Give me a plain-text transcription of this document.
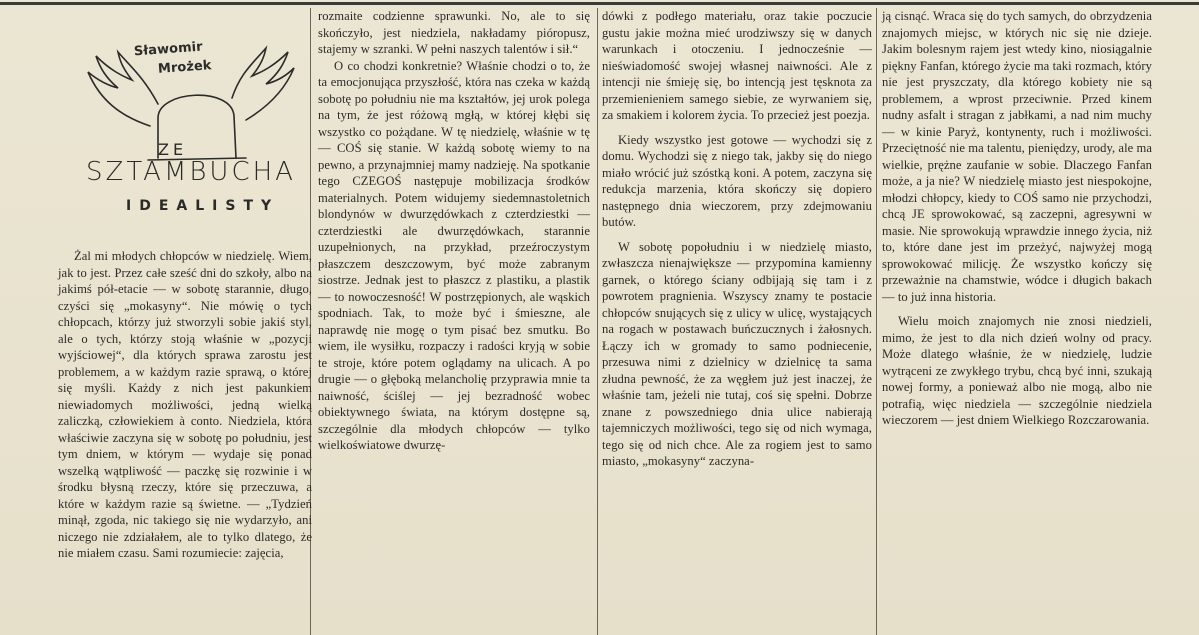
Sławomir
Mrożek
ZE
SZTAMBUCHA
IDEALISTY

Żal mi młodych chłopców w niedzielę. Wiem, jak to jest. Przez całe sześć dni do szkoły, albo na jakimś pół-etacie — w sobotę starannie, długo, czyści się „mokasyny“. Nie mówię o tych chłopcach, którzy już stworzyli sobie jakiś styl, ale o tych, którzy stoją właśnie w „pozycji wyjściowej“, dla których sprawa zarostu jest problemem, a w każdym razie sprawą, o której się myśli. Każdy z nich jest pakunkiem niewiadomych możliwości, jedną wielką zaliczką, człowiekiem à conto. Niedziela, która właściwie zaczyna się w sobotę po południu, jest tym dniem, w którym — wydaje się ponad wszelką wątpliwość — paczkę się rozwinie i w środku błysną rzeczy, które się przeczuwa, a które w każdym razie są świetne. — „Tydzień minął, zgoda, nic takiego się nie wydarzyło, ani niczego nie zdziałałem, ale to tylko dlatego, że nie miałem czasu. Sami rozumiecie: zajęcia,

rozmaite codzienne sprawunki. No, ale to się skończyło, jest niedziela, nakładamy pióropusz, stajemy w szranki. W pełni naszych talentów i sił.“

O co chodzi konkretnie? Właśnie chodzi o to, że ta emocjonująca przyszłość, która nas czeka w każdą sobotę po południu nie ma kształtów, jej urok polega na tym, że jest różową mgłą, w której kłębi się wszystko co pożądane. W tę niedzielę, właśnie w tę — COŚ się stanie. W każdą sobotę wiemy to na pewno, a przynajmniej mamy nadzieję. Na spotkanie tego CZEGOŚ następuje mobilizacja środków materialnych. Potem widujemy siedemnastoletnich blondynów w dwurzędówkach z czterdziestki — czterdziestki ale dwurzędówkach, starannie uzupełnionych, na przykład, przeźroczystym płaszczem deszczowym, być może zabranym siostrze. Jednak jest to płaszcz z plastiku, a plastik — to nowoczesność! W postrzępionych, ale wąskich spodniach. Tak, to może być i śmieszne, ale naprawdę nie mogę o tym pisać bez smutku. Bo wiem, ile wysiłku, rozpaczy i radości kryją w sobie te stroje, które potem oglądamy na ulicach. A po drugie — o głęboką melancholię przyprawia mnie ta naiwność, ściślej — jej bezradność wobec obiektywnego świata, na którym dostępne są, szczególnie dla młodych chłopców — tylko wielkoświatowe dwurzę-

dówki z podłego materiału, oraz takie poczucie gustu jakie można mieć urodziwszy się w danych warunkach i otoczeniu. I jednocześnie — nieświadomość swojej własnej naiwności. Ale z intencji nie śmieję się, bo intencją jest tęsknota za przemienieniem samego siebie, ze wyrwaniem się, za smakiem i kolorem życia. To przecież jest poezja.

Kiedy wszystko jest gotowe — wychodzi się z domu. Wychodzi się z niego tak, jakby się do niego miało wrócić już szóstką koni. A potem, zaczyna się redukcja marzenia, która skończy się dopiero następnego dnia wieczorem, przy zdejmowaniu butów.

W sobotę popołudniu i w niedzielę miasto, zwłaszcza nienajwiększe — przypomina kamienny garnek, o którego ściany odbijają się tam i z powrotem pragnienia. Wszyscy znamy te postacie chłopców snujących się z ulicy w ulicę, wystających na rogach w postawach buńczucznych i żałosnych. Łączy ich w gromady to samo podniecenie, przesuwa nimi z dzielnicy w dzielnicę ta sama złudna pewność, że za węgłem już jest inaczej, że właśnie tam, jeżeli nie tutaj, coś się spełni. Dobrze znane z powszedniego dnia ulice nabierają tajemniczych możliwości, tego się od nich wymaga, tego się od nich chce. Ale za rogiem jest to samo miasto, „mokasyny“ zaczyna-

ją cisnąć. Wraca się do tych samych, do obrzydzenia znajomych miejsc, w których nic się nie dzieje. Jakim bolesnym rajem jest wtedy kino, niosiągalnie piękny Fanfan, którego życie ma taki rozmach, który nie jest pryszczaty, dla którego kobiety nie są problemem, a wprost przeciwnie. Przed kinem nudny asfalt i stragan z jabłkami, a nad nim muchy — w kinie Paryż, kontynenty, ruch i możliwości. Przeciętność nie ma talentu, pieniędzy, urody, ale ma wielkie, prężne zaufanie w sobie. Dlaczego Fanfan może, a ja nie? W niedzielę miasto jest niespokojne, młodzi chłopcy, kiedy to COŚ samo nie przychodzi, chcą JE sprowokować, są zaczepni, agresywni w masie. Nie sprowokują wprawdzie innego życia, niż to, które dane jest im przeżyć, najwyżej mogą sprowokować milicję. Że wszystko kończy się przeważnie na chamstwie, wódce i długich bakach — to już inna historia.

Wielu moich znajomych nie znosi niedzieli, mimo, że jest to dla nich dzień wolny od pracy. Może dlatego właśnie, że w niedzielę, ludzie wytrąceni ze zwykłego trybu, chcą być inni, szukają nowej formy, a ponieważ albo nie mogą, albo nie potrafią, więc niedziela — szczególnie niedziela wieczorem — jest dniem Wielkiego Rozczarowania.
